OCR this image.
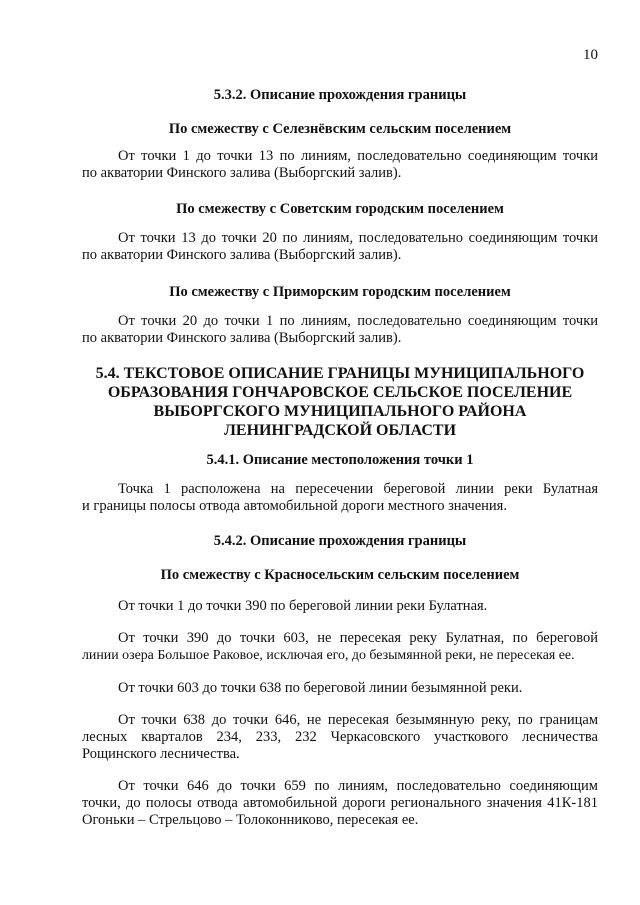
10
5.3.2. Описание прохождения границы
По смежеству с Селезнёвским сельским поселением
От точки 1 до точки 13 по линиям, последовательно соединяющим точки
по акватории Финского залива (Выборгский залив).
По смежеству с Советским городским поселением
От точки 13 до точки 20 по линиям, последовательно соединяющим точки
по акватории Финского залива (Выборгский залив).
По смежеству с Приморским городским поселением
От точки 20 до точки 1 по линиям, последовательно соединяющим точки
по акватории Финского залива (Выборгский залив).
5.4. ТЕКСТОВОЕ ОПИСАНИЕ ГРАНИЦЫ МУНИЦИПАЛЬНОГО
ОБРАЗОВАНИЯ ГОНЧАРОВСКОЕ СЕЛЬСКОЕ ПОСЕЛЕНИЕ
ВЫБОРГСКОГО МУНИЦИПАЛЬНОГО РАЙОНА
ЛЕНИНГРАДСКОЙ ОБЛАСТИ
5.4.1. Описание местоположения точки 1
Точка 1 расположена на пересечении береговой линии реки Булатная
и границы полосы отвода автомобильной дороги местного значения.
5.4.2. Описание прохождения границы
По смежеству с Красносельским сельским поселением
От точки 1 до точки 390 по береговой линии реки Булатная.
От точки 390 до точки 603, не пересекая реку Булатная, по береговой
линии озера Большое Раковое, исключая его, до безымянной реки, не пересекая ее.
От точки 603 до точки 638 по береговой линии безымянной реки.
От точки 638 до точки 646, не пересекая безымянную реку, по границам
лесных кварталов 234, 233, 232 Черкасовского участкового лесничества
Рощинского лесничества.
От точки 646 до точки 659 по линиям, последовательно соединяющим
точки, до полосы отвода автомобильной дороги регионального значения 41К-181
Огоньки – Стрельцово – Толоконниково, пересекая ее.
